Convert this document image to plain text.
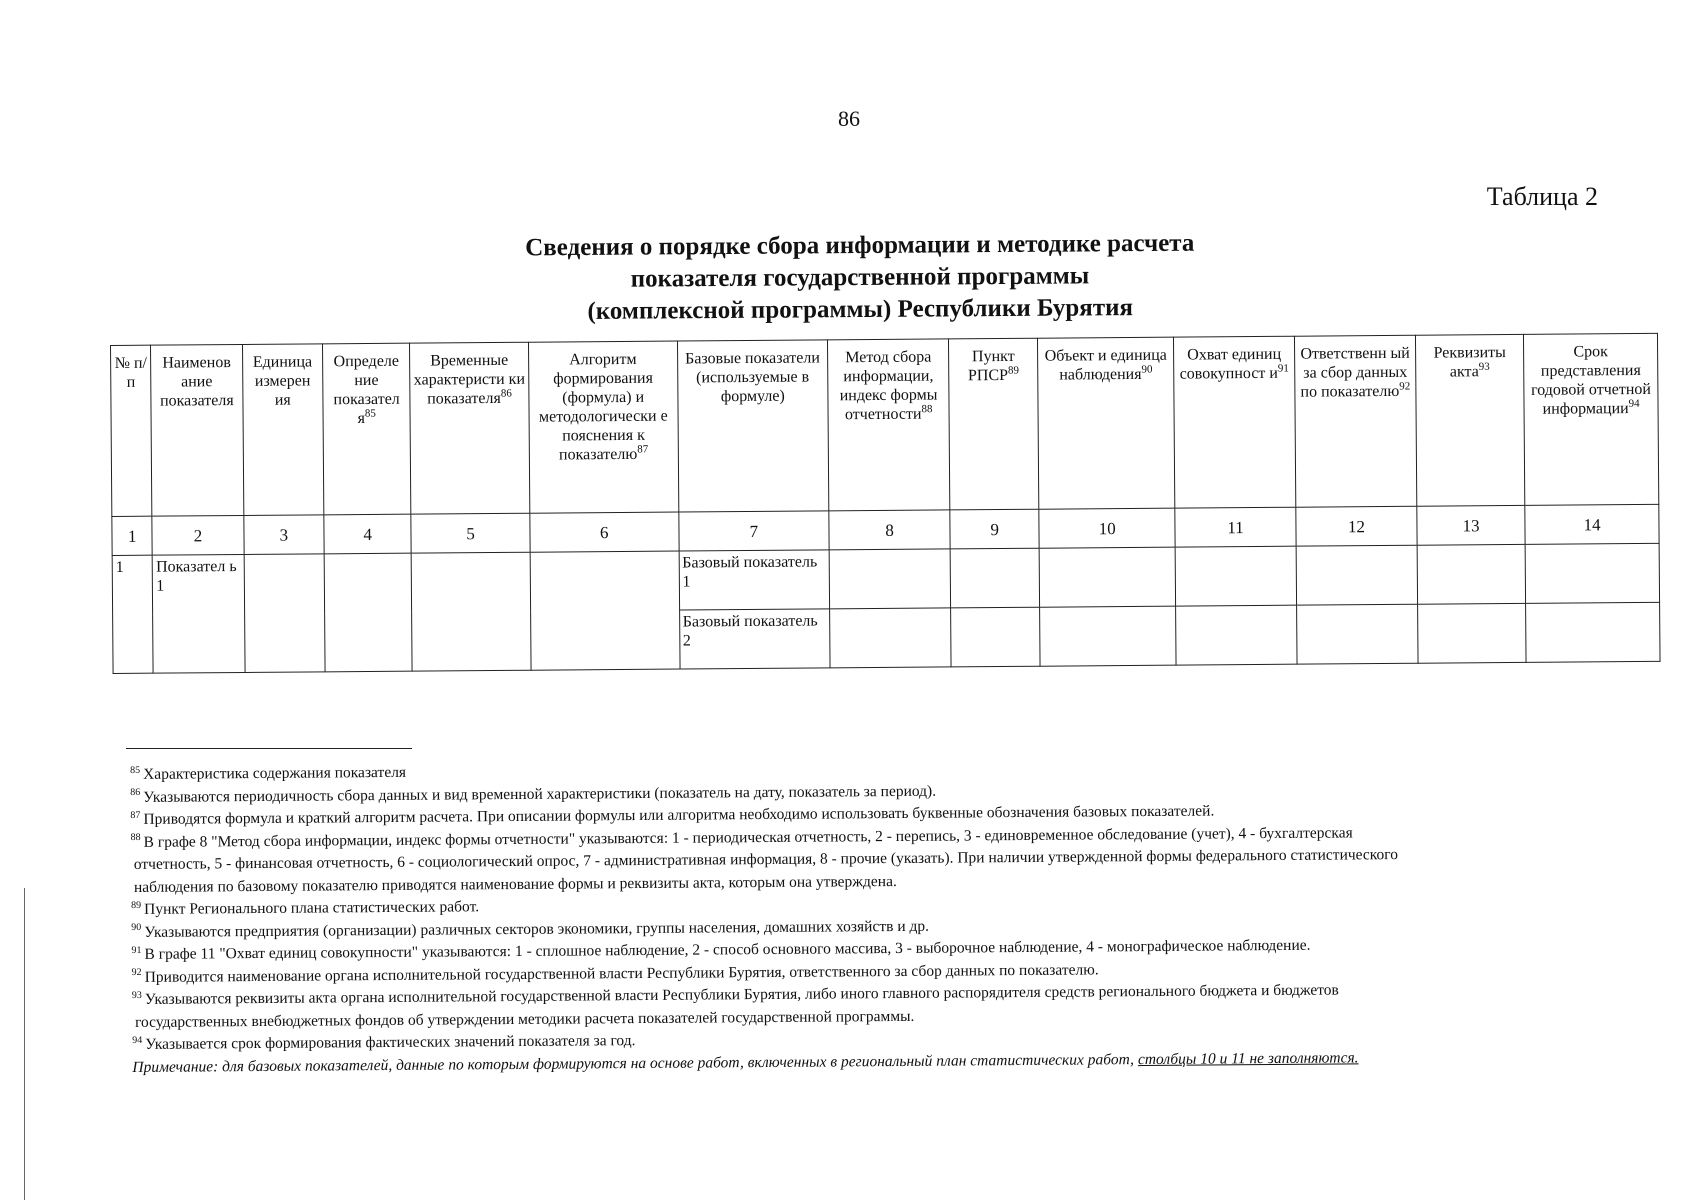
86
Таблица 2
Сведения о порядке сбора информации и методике расчета
показателя государственной программы
(комплексной программы) Республики Бурятия
№ п/п	Наименов ание показателя	Единица измерен ия	Определе ние показател $я^{85}$	Временные характеристи ки показателя$^{86}$	Алгоритм формирования (формула) и методологически е пояснения к показателю$^{87}$	Базовые показатели (используемые в формуле)	Метод сбора информации, индекс формы отчетности$^{88}$	Пункт РПСР$^{89}$	Объект и единица наблюдения$^{90}$	Охват единиц совокупност $и^{91}$	Ответственн ый за сбор данных по показателю$^{92}$	Реквизиты акта$^{93}$	Срок представления годовой отчетной информации$^{94}$
1	2	3	4	5	6	7	8	9	10	11	12	13	14
1	Показател ь 1					Базовый показатель 1							
						Базовый показатель 2							
$^{85}$ Характеристика содержания показателя
$^{86}$ Указываются периодичность сбора данных и вид временной характеристики (показатель на дату, показатель за период).
$^{87}$ Приводятся формула и краткий алгоритм расчета. При описании формулы или алгоритма необходимо использовать буквенные обозначения базовых показателей.
$^{88}$ В графе 8 "Метод сбора информации, индекс формы отчетности" указываются: 1 - периодическая отчетность, 2 - перепись, 3 - единовременное обследование (учет), 4 - бухгалтерская
отчетность, 5 - финансовая отчетность, 6 - социологический опрос, 7 - административная информация, 8 - прочие (указать). При наличии утвержденной формы федерального статистического
наблюдения по базовому показателю приводятся наименование формы и реквизиты акта, которым она утверждена.
$^{89}$ Пункт Регионального плана статистических работ.
$^{90}$ Указываются предприятия (организации) различных секторов экономики, группы населения, домашних хозяйств и др.
$^{91}$ В графе 11 "Охват единиц совокупности" указываются: 1 - сплошное наблюдение, 2 - способ основного массива, 3 - выборочное наблюдение, 4 - монографическое наблюдение.
$^{92}$ Приводится наименование органа исполнительной государственной власти Республики Бурятия, ответственного за сбор данных по показателю.
$^{93}$ Указываются реквизиты акта органа исполнительной государственной власти Республики Бурятия, либо иного главного распорядителя средств регионального бюджета и бюджетов
государственных внебюджетных фондов об утверждении методики расчета показателей государственной программы.
$^{94}$ Указывается срок формирования фактических значений показателя за год.
Примечание: для базовых показателей, данные по которым формируются на основе работ, включенных в региональный план статистических работ, столбцы 10 и 11 не заполняются.
